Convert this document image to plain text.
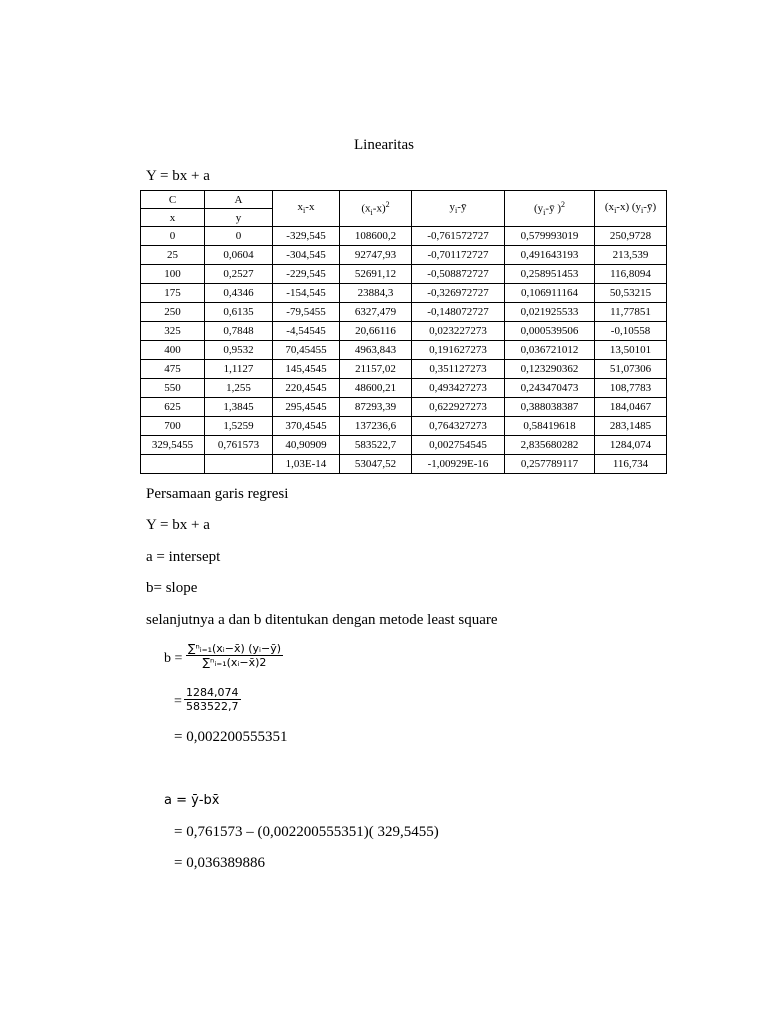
Linearitas
Y = bx + a
C	A	$x_i-x$	$(x_i-x)^2$	$y_i-ȳ$	($y_i-ȳ$ )$^2$	$(x_i-x)$ $(y_i-ȳ)$
x	y					
0	0	-329,545	108600,2	-0,761572727	0,579993019	250,9728
25	0,0604	-304,545	92747,93	-0,701172727	0,491643193	213,539
100	0,2527	-229,545	52691,12	-0,508872727	0,258951453	116,8094
175	0,4346	-154,545	23884,3	-0,326972727	0,106911164	50,53215
250	0,6135	-79,5455	6327,479	-0,148072727	0,021925533	11,77851
325	0,7848	-4,54545	20,66116	0,023227273	0,000539506	-0,10558
400	0,9532	70,45455	4963,843	0,191627273	0,036721012	13,50101
475	1,1127	145,4545	21157,02	0,351127273	0,123290362	51,07306
550	1,255	220,4545	48600,21	0,493427273	0,243470473	108,7783
625	1,3845	295,4545	87293,39	0,622927273	0,388038387	184,0467
700	1,5259	370,4545	137236,6	0,764327273	0,58419618	283,1485
329,5455	0,761573	40,90909	583522,7	0,002754545	2,835680282	1284,074
		1,03E-14	53047,52	-1,00929E-16	0,257789117	116,734
Persamaan garis regresi
Y = bx + a
a = intersept
b= slope
selanjutnya a dan b ditentukan dengan metode least square
$b = \frac{\text{∑ⁿᵢ₌₁(xᵢ−x̄) (yᵢ−ȳ)}}{\text{∑ⁿᵢ₌₁(xᵢ−x̄)2}}$
= $\frac{1284,074}{583522,7}$
= 0,002200555351
a = ȳ-bx̄
= 0,761573 – (0,002200555351)( 329,5455)
= 0,036389886
